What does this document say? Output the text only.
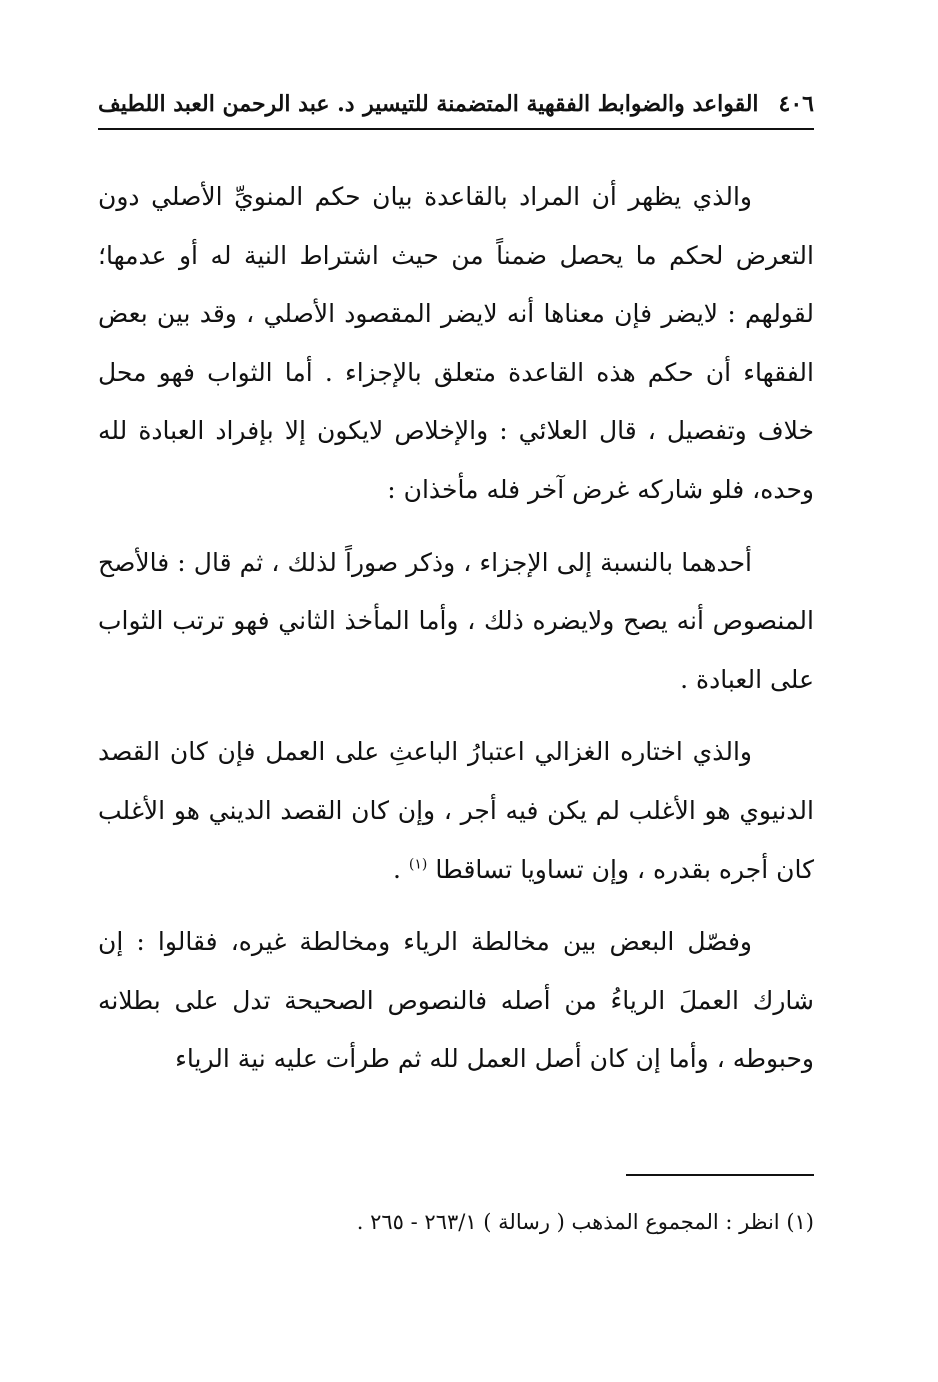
٤٠٦
القواعد والضوابط الفقهية المتضمنة للتيسير
د. عبد الرحمن العبد اللطيف

والذي يظهر أن المراد بالقاعدة بيان حكم المنويِّ الأصلي دون التعرض لحكم ما يحصل ضمناً من حيث اشتراط النية له أو عدمها؛ لقولهم : لايضر فإن معناها أنه لايضر المقصود الأصلي ، وقد بين بعض الفقهاء أن حكم هذه القاعدة متعلق بالإجزاء . أما الثواب فهو محل خلاف وتفصيل ، قال العلائي : والإخلاص لايكون إلا بإفراد العبادة لله وحده، فلو شاركه غرض آخر فله مأخذان :

أحدهما بالنسبة إلى الإجزاء ، وذكر صوراً لذلك ، ثم قال : فالأصح المنصوص أنه يصح ولايضره ذلك ، وأما المأخذ الثاني فهو ترتب الثواب على العبادة .

والذي اختاره الغزالي اعتبارُ الباعثِ على العمل فإن كان القصد الدنيوي هو الأغلب لم يكن فيه أجر ، وإن كان القصد الديني هو الأغلب كان أجره بقدره ، وإن تساويا تساقطا $^{(١)}$ .

وفصّل البعض بين مخالطة الرياء ومخالطة غيره، فقالوا : إن شارك العملَ الرياءُ من أصله فالنصوص الصحيحة تدل على بطلانه وحبوطه ، وأما إن كان أصل العمل لله ثم طرأت عليه نية الرياء

(١) انظر : المجموع المذهب ( رسالة ) ٢٦٣/١ - ٢٦٥ .
